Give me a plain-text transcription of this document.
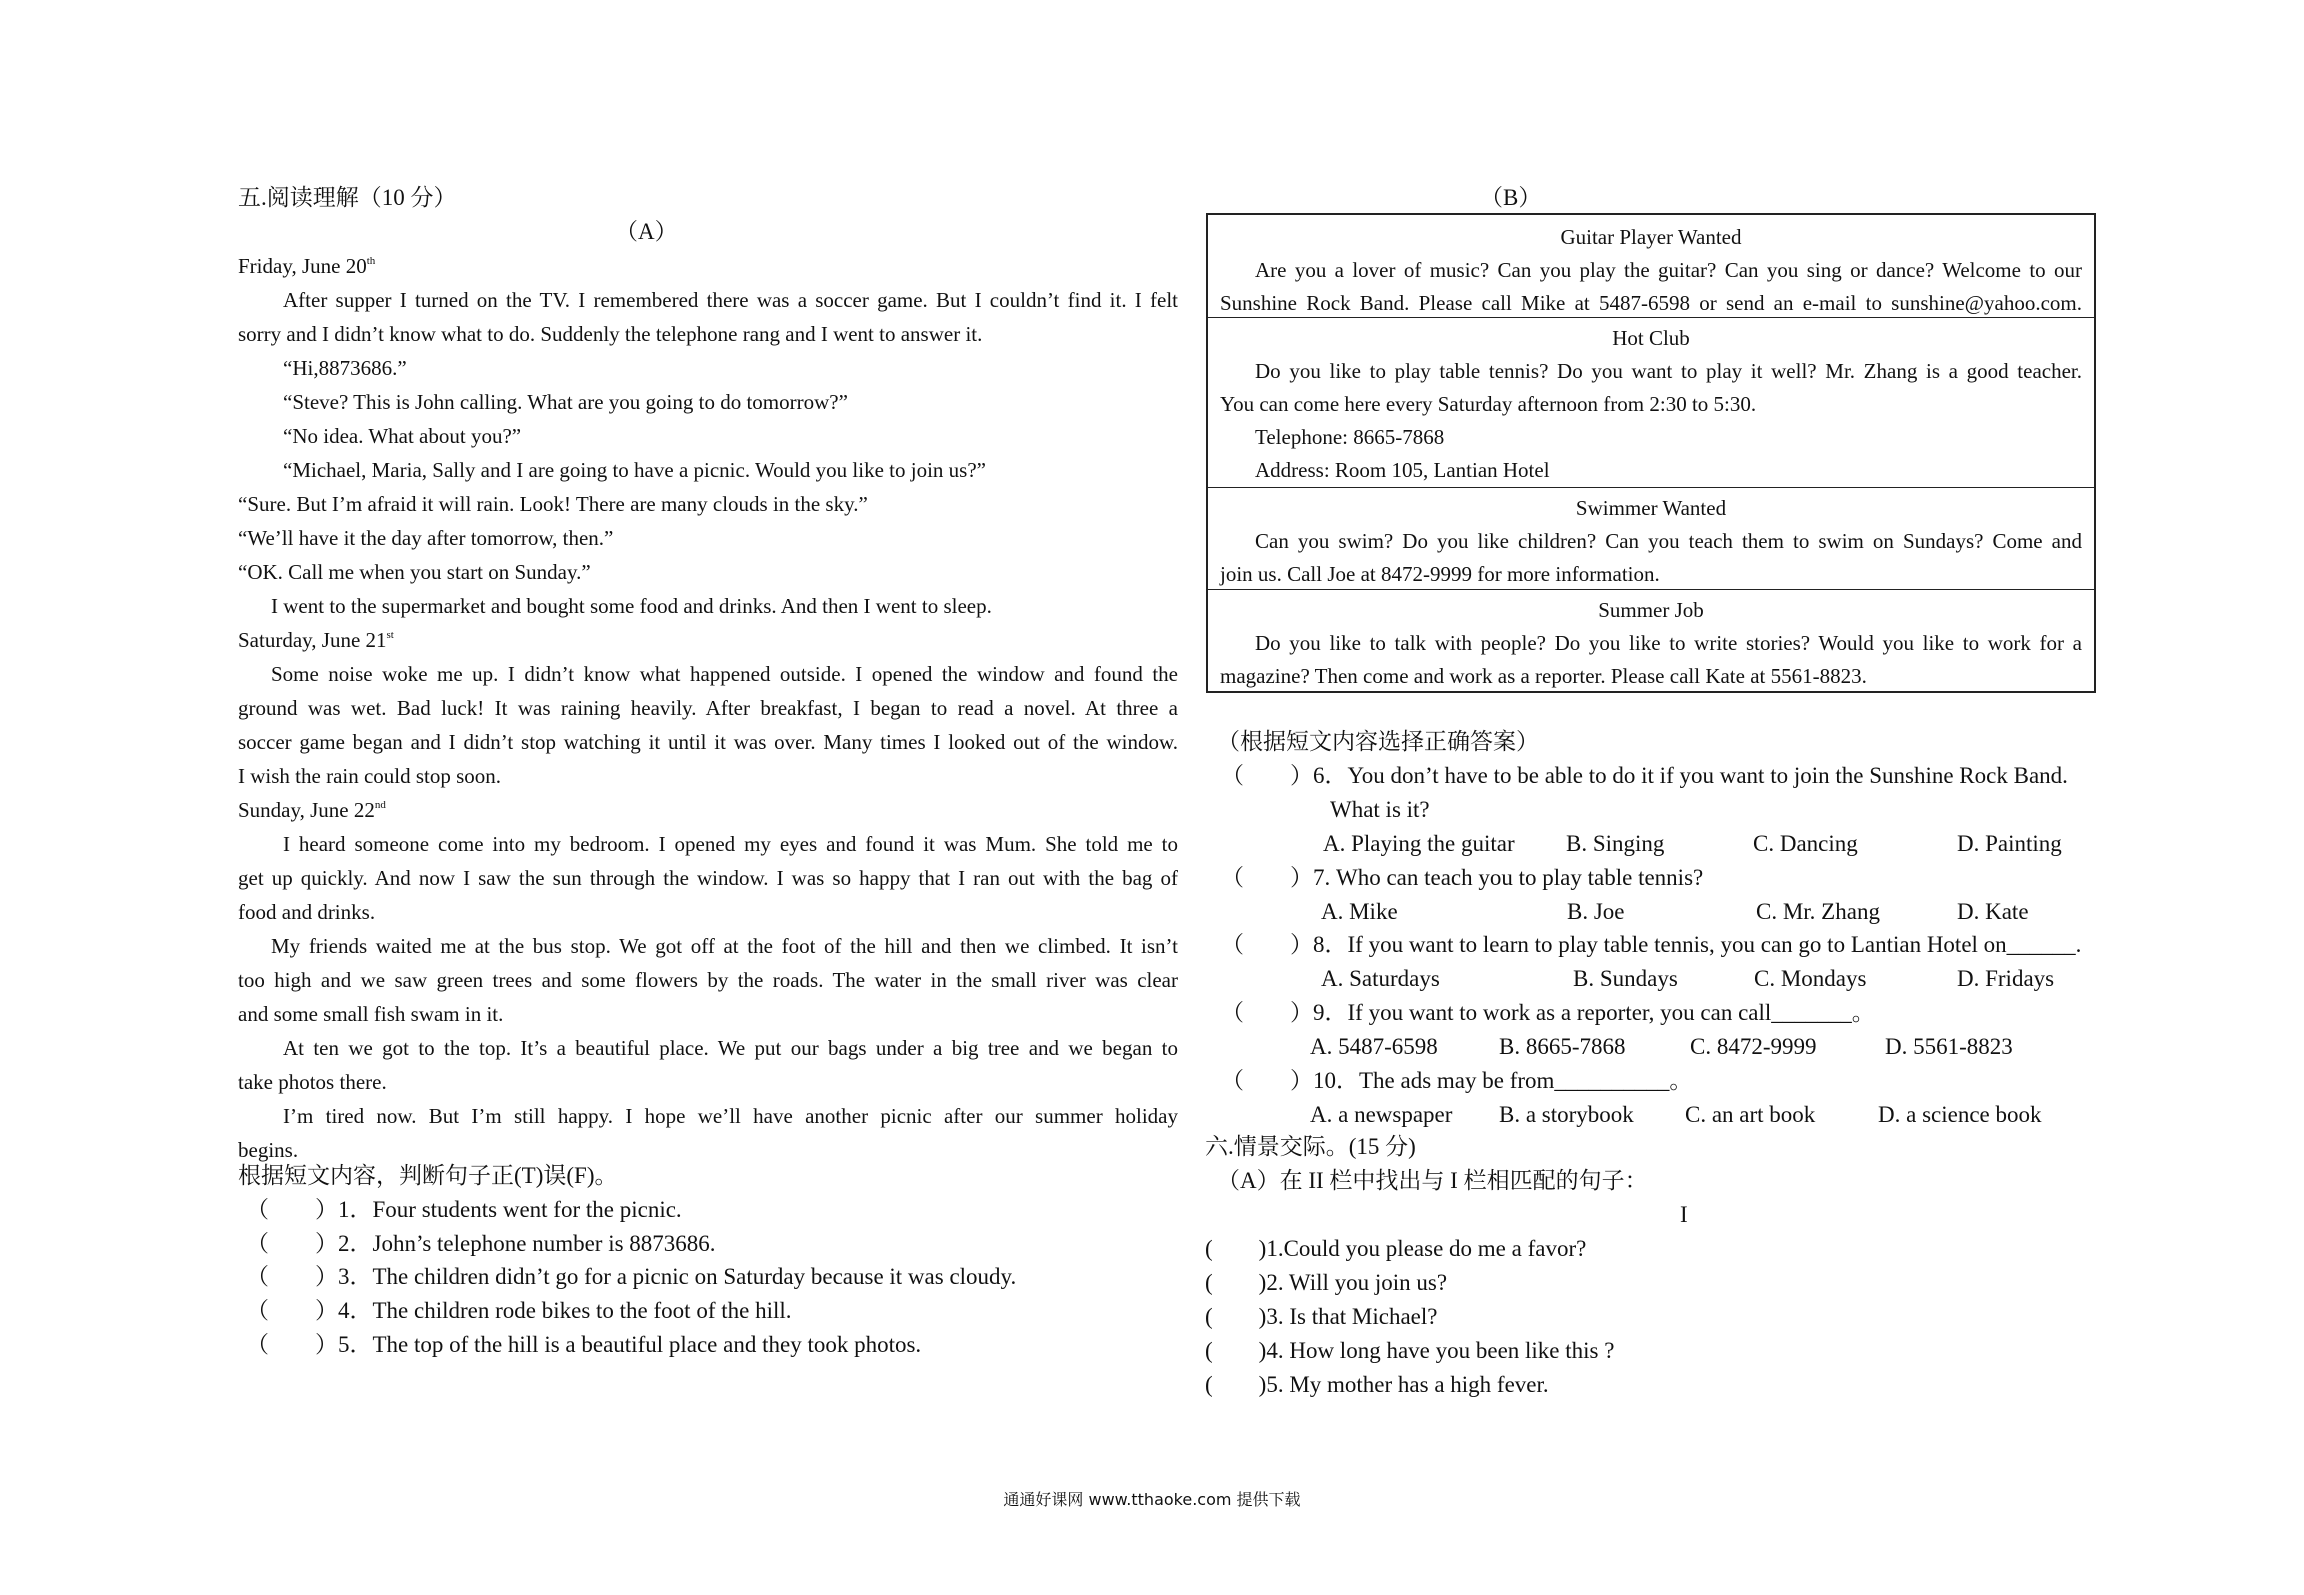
五.阅读理解（10 分）
（A）
Friday, June 20th
After supper I turned on the TV. I remembered there was a soccer game. But I couldn’t find it. I felt
sorry and I didn’t know what to do. Suddenly the telephone rang and I went to answer it.
“Hi,8873686.”
“Steve? This is John calling. What are you going to do tomorrow?”
“No idea. What about you?”
“Michael, Maria, Sally and I are going to have a picnic. Would you like to join us?”
“Sure. But I’m afraid it will rain. Look! There are many clouds in the sky.”
“We’ll have it the day after tomorrow, then.”
“OK. Call me when you start on Sunday.”
I went to the supermarket and bought some food and drinks. And then I went to sleep.
Saturday, June 21st
Some noise woke me up. I didn’t know what happened outside. I opened the window and found the
ground was wet. Bad luck! It was raining heavily. After breakfast, I began to read a novel. At three a
soccer game began and I didn’t stop watching it until it was over. Many times I looked out of the window.
I wish the rain could stop soon.
Sunday, June 22nd
I heard someone come into my bedroom. I opened my eyes and found it was Mum. She told me to
get up quickly. And now I saw the sun through the window. I was so happy that I ran out with the bag of
food and drinks.
My friends waited me at the bus stop. We got off at the foot of the hill and then we climbed. It isn’t
too high and we saw green trees and some flowers by the roads. The water in the small river was clear
and some small fish swam in it.
At ten we got to the top. It’s a beautiful place. We put our bags under a big tree and we began to
take photos there.
I’m tired now. But I’m still happy. I hope we’ll have another picnic after our summer holiday
begins.
根据短文内容，判断句子正(T)误(F)。
（　　）1．Four students went for the picnic.
（　　）2．John’s telephone number is 8873686.
（　　）3．The children didn’t go for a picnic on Saturday because it was cloudy.
（　　）4．The children rode bikes to the foot of the hill.
（　　）5．The top of the hill is a beautiful place and they took photos.
（B）
Guitar Player Wanted
Are you a lover of music? Can you play the guitar? Can you sing or dance? Welcome to our
Sunshine Rock Band. Please call Mike at 5487-6598 or send an e-mail to sunshine@yahoo.com.
Hot Club
Do you like to play table tennis? Do you want to play it well? Mr. Zhang is a good teacher.
You can come here every Saturday afternoon from 2:30 to 5:30.
Telephone: 8665-7868
Address: Room 105, Lantian Hotel
Swimmer Wanted
Can you swim? Do you like children? Can you teach them to swim on Sundays? Come and
join us. Call Joe at 8472-9999 for more information.
Summer Job
Do you like to talk with people? Do you like to write stories? Would you like to work for a
magazine? Then come and work as a reporter. Please call Kate at 5561-8823.
（根据短文内容选择正确答案）
（　　）6．You don’t have to be able to do it if you want to join the Sunshine Rock Band.
What is it?
A. Playing the guitar B. Singing	C. Dancing	D. Painting
（　　）7. Who can teach you to play table tennis?
A. Mike	B. Joe	C. Mr. Zhang	D. Kate
（　　）8．If you want to learn to play table tennis, you can go to Lantian Hotel on______.
A. Saturdays	B. Sundays	C. Mondays	D. Fridays
（　　）9．If you want to work as a reporter, you can call_______。
A. 5487-6598	B. 8665-7868	C. 8472-9999	D. 5561-8823
（　　）10．The ads may be from__________。
A. a newspaper B. a storybook C. an art book	D. a science book
六.情景交际。(15 分)
（A）在 II 栏中找出与 I 栏相匹配的句子：
I
(　　)1.Could you please do me a favor?
(　　)2. Will you join us?
(　　)3. Is that Michael?
(　　)4. How long have you been like this ?
(　　)5. My mother has a high fever.
通通好课网 www.tthaoke.com 提供下载
